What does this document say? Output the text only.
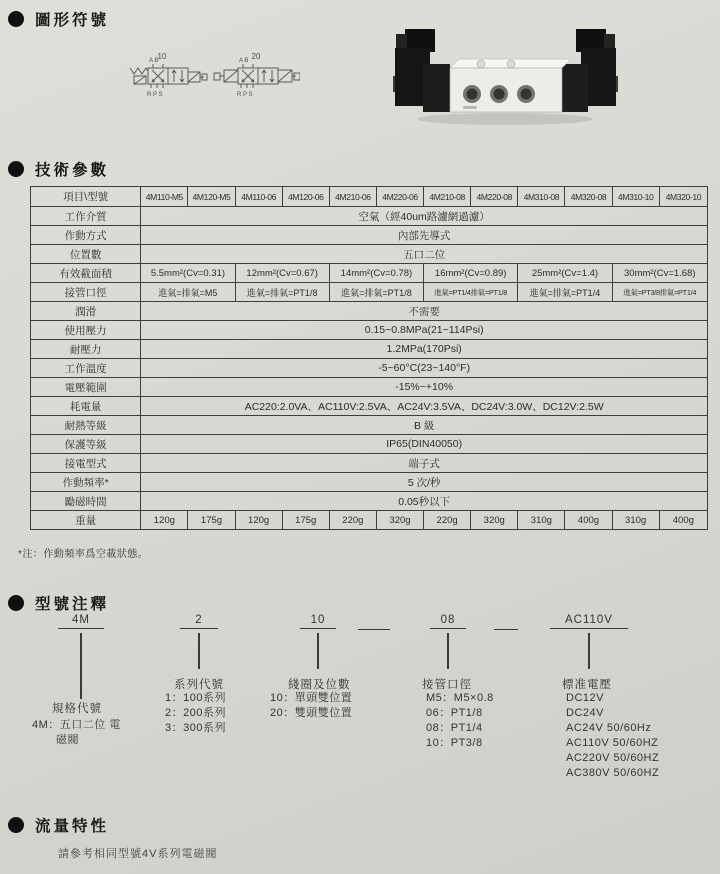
圖形符號
10
A B
R P S
20
A B
R P S
技術參數
項目\型號	4M110-M5	4M120-M5	4M110-06	4M120-06	4M210-06	4M220-06	4M210-08	4M220-08	4M310-08	4M320-08	4M310-10	4M320-10
工作介質	空氣（經40um路濾網過濾）											
作動方式	內部先導式											
位置數	五口二位											
有效截面積	5.5mm²(Cv=0.31)		12mm²(Cv=0.67)		14mm²(Cv=0.78)		16mm²(Cv=0.89)		25mm²(Cv=1.4)		30mm²(Cv=1.68)	
接管口徑	進氣=排氣=M5		進氣=排氣=PT1/8		進氣=排氣=PT1/8		進氣=PT1/4排氣=PT1/8		進氣=排氣=PT1/4		進氣=PT3/8排氣=PT1/4	
潤滑	不需要											
使用壓力	0.15~0.8MPa(21~114Psi)											
耐壓力	1.2MPa(170Psi)											
工作溫度	-5~60°C(23~140°F)											
電壓範圍	-15%~+10%											
耗電量	AC220:2.0VA、AC110V:2.5VA、AC24V:3.5VA、DC24V:3.0W、DC12V:2.5W											
耐熱等級	B 級											
保護等級	IP65(DIN40050)											
接電型式	端子式											
作動頻率*	5 次/秒											
勵磁時間	0.05秒以下											
重量	120g	175g	120g	175g	220g	320g	220g	320g	310g	400g	310g	400g
*注：作動頻率爲空載狀態。
型號注釋
4M	2	10	08	AC110V
規格代號
系列代號	綫圈及位數	接管口徑	標准電壓
4M：五口二位 電
磁閥
1：100系列
2：200系列
3：300系列
10：單頭雙位置
20：雙頭雙位置
M5：M5×0.8
06：PT1/8
08：PT1/4
10：PT3/8
DC12V
DC24V
AC24V 50/60Hz
AC110V 50/60HZ
AC220V 50/60HZ
AC380V 50/60HZ
流量特性
請參考相同型號4V系列電磁閥
